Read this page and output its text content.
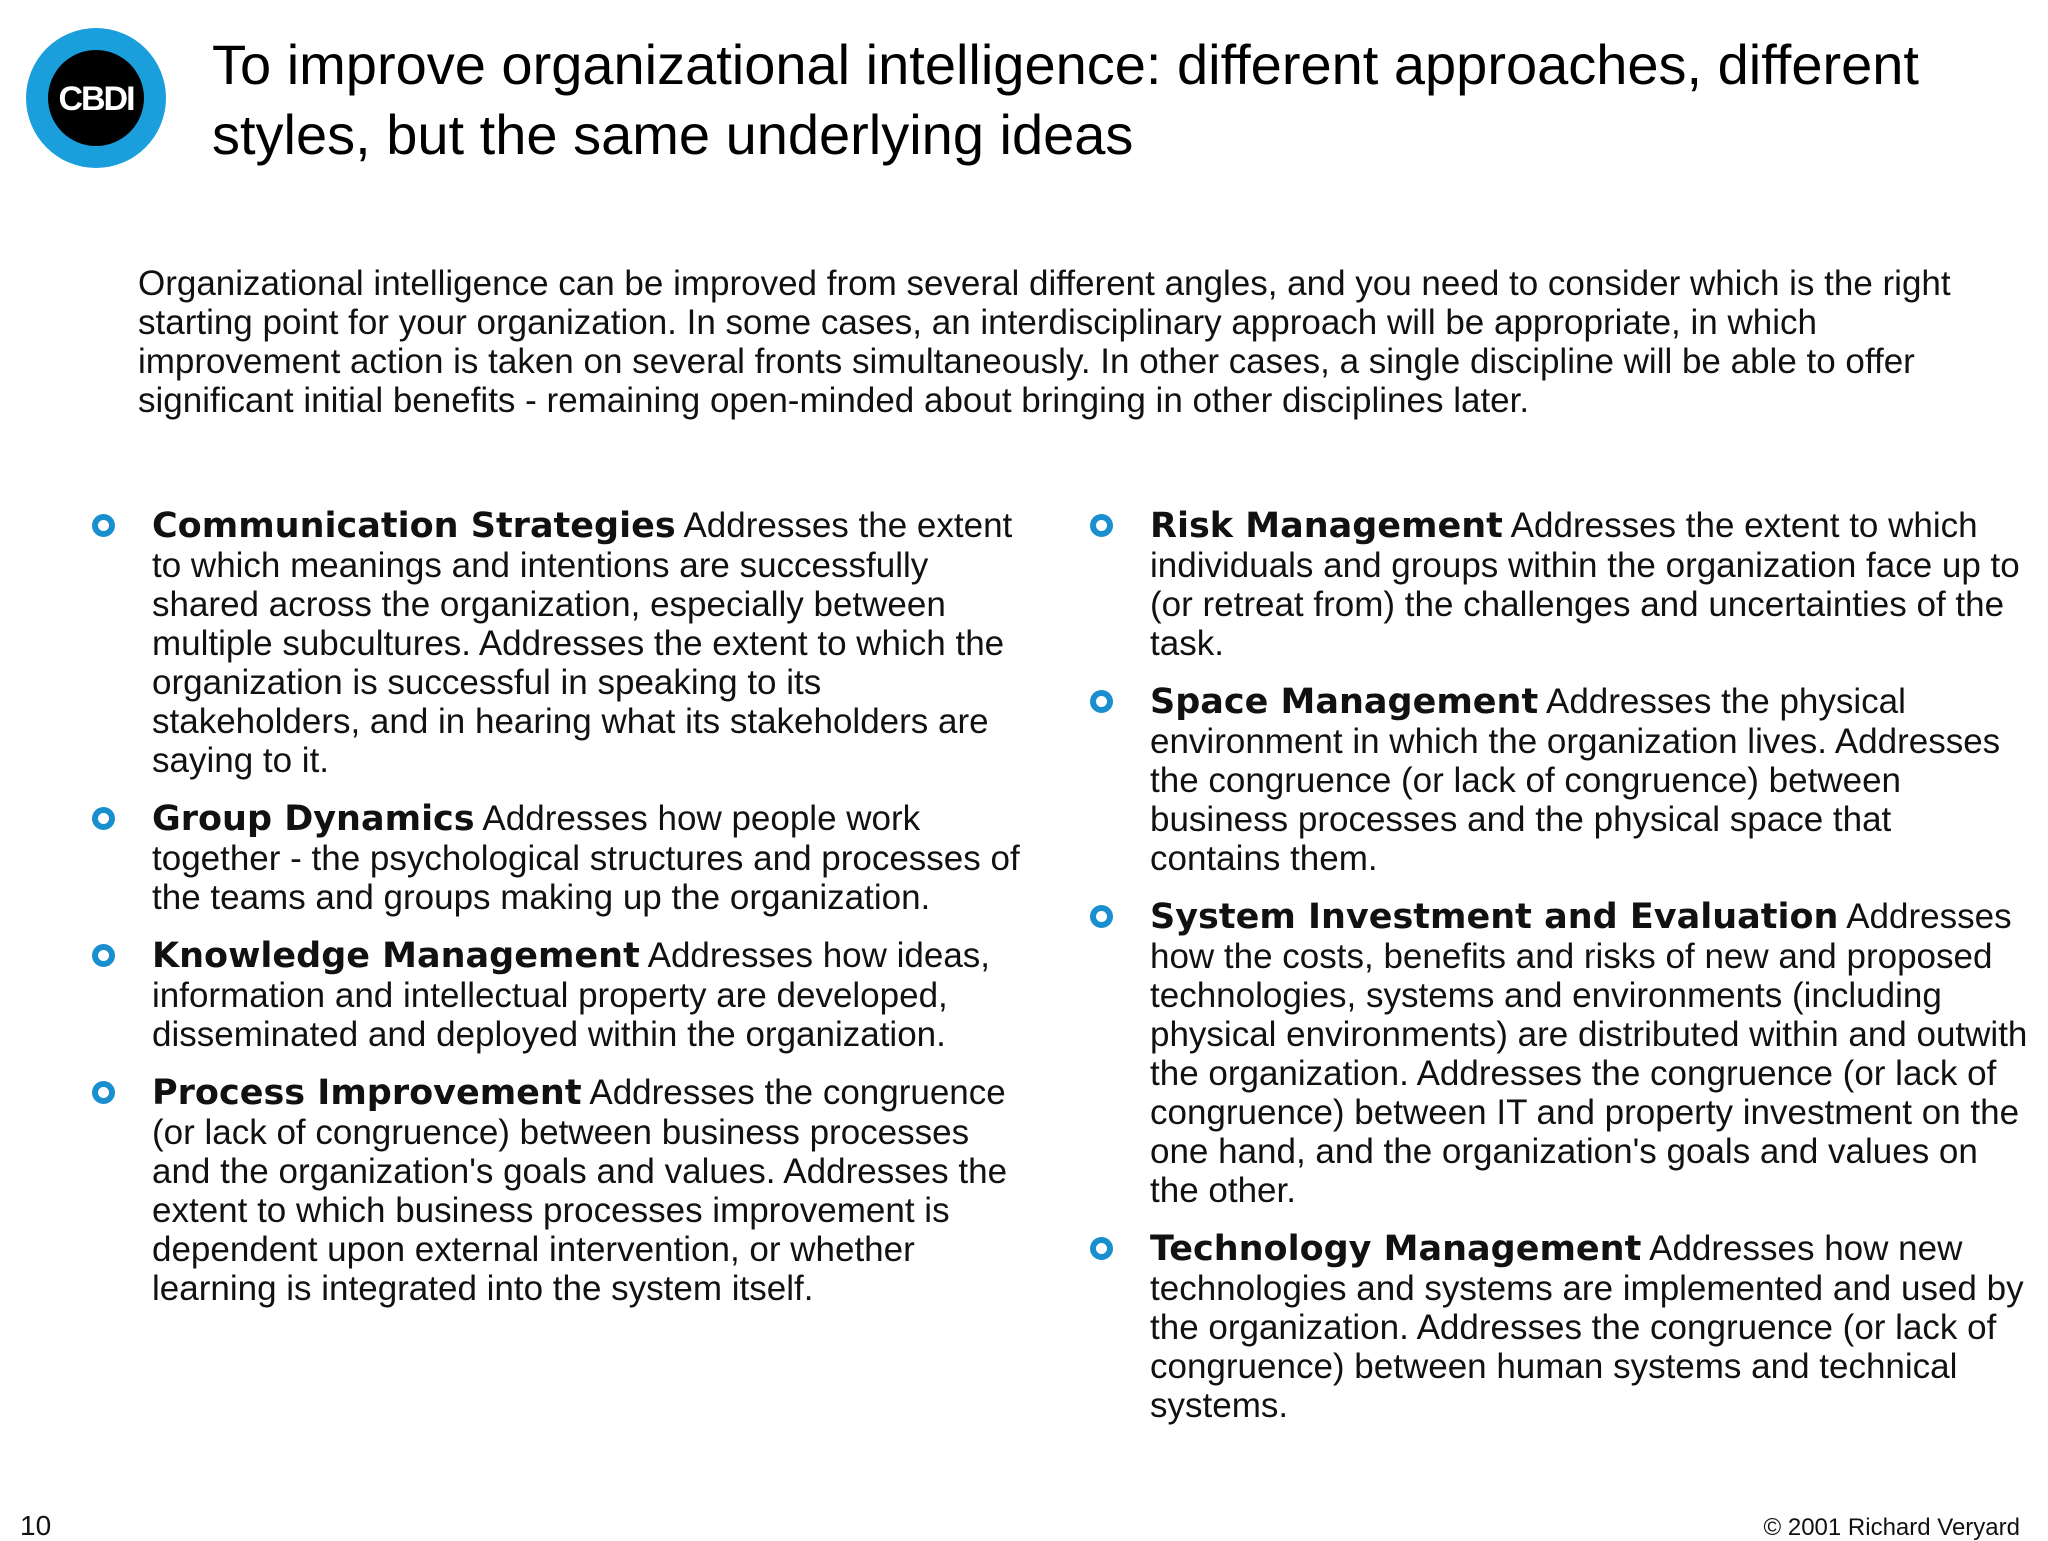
CBDI
To improve organizational intelligence: different approaches, different styles, but the same underlying ideas

Organizational intelligence can be improved from several different angles, and you need to consider which is the right starting point for your organization. In some cases, an interdisciplinary approach will be appropriate, in which improvement action is taken on several fronts simultaneously. In other cases, a single discipline will be able to offer significant initial benefits - remaining open-minded about bringing in other disciplines later.

Communication Strategies Addresses the extent to which meanings and intentions are successfully shared across the organization, especially between multiple subcultures. Addresses the extent to which the organization is successful in speaking to its stakeholders, and in hearing what its stakeholders are saying to it.
Group Dynamics Addresses how people work together - the psychological structures and processes of the teams and groups making up the organization.
Knowledge Management Addresses how ideas, information and intellectual property are developed, disseminated and deployed within the organization.
Process Improvement Addresses the congruence (or lack of congruence) between business processes and the organization's goals and values. Addresses the extent to which business processes improvement is dependent upon external intervention, or whether learning is integrated into the system itself.
Risk Management Addresses the extent to which individuals and groups within the organization face up to (or retreat from) the challenges and uncertainties of the task.
Space Management Addresses the physical environment in which the organization lives. Addresses the congruence (or lack of congruence) between business processes and the physical space that contains them.
System Investment and Evaluation Addresses how the costs, benefits and risks of new and proposed technologies, systems and environments (including physical environments) are distributed within and outwith the organization. Addresses the congruence (or lack of congruence) between IT and property investment on the one hand, and the organization's goals and values on the other.
Technology Management Addresses how new technologies and systems are implemented and used by the organization. Addresses the congruence (or lack of congruence) between human systems and technical systems.
10	© 2001 Richard Veryard
